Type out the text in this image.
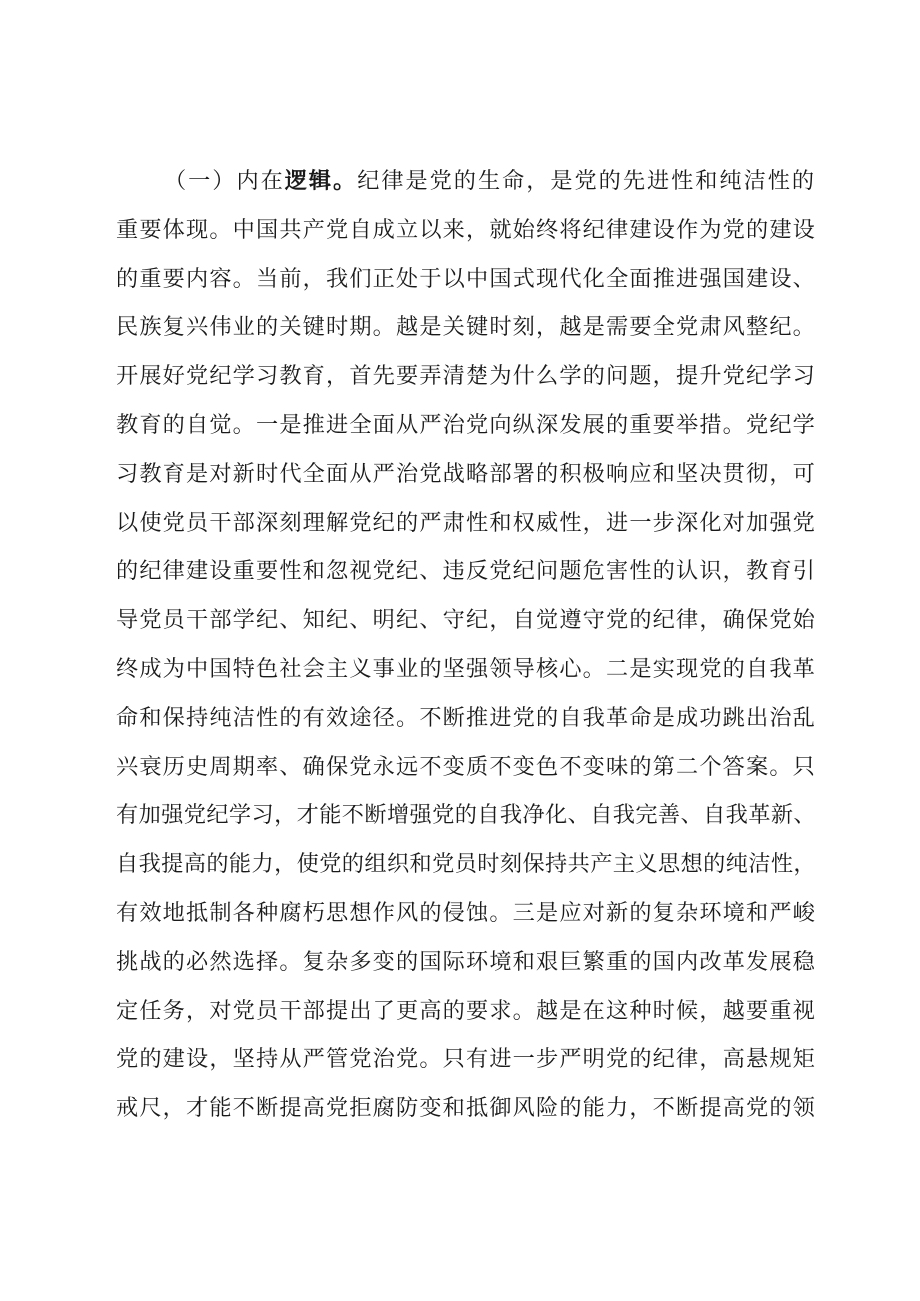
（一）内在逻辑。纪律是党的生命，是党的先进性和纯洁性的
重要体现。中国共产党自成立以来，就始终将纪律建设作为党的建设
的重要内容。当前，我们正处于以中国式现代化全面推进强国建设、
民族复兴伟业的关键时期。越是关键时刻，越是需要全党肃风整纪。
开展好党纪学习教育，首先要弄清楚为什么学的问题，提升党纪学习
教育的自觉。一是推进全面从严治党向纵深发展的重要举措。党纪学
习教育是对新时代全面从严治党战略部署的积极响应和坚决贯彻，可
以使党员干部深刻理解党纪的严肃性和权威性，进一步深化对加强党
的纪律建设重要性和忽视党纪、违反党纪问题危害性的认识，教育引
导党员干部学纪、知纪、明纪、守纪，自觉遵守党的纪律，确保党始
终成为中国特色社会主义事业的坚强领导核心。二是实现党的自我革
命和保持纯洁性的有效途径。不断推进党的自我革命是成功跳出治乱
兴衰历史周期率、确保党永远不变质不变色不变味的第二个答案。只
有加强党纪学习，才能不断增强党的自我净化、自我完善、自我革新、
自我提高的能力，使党的组织和党员时刻保持共产主义思想的纯洁性，
有效地抵制各种腐朽思想作风的侵蚀。三是应对新的复杂环境和严峻
挑战的必然选择。复杂多变的国际环境和艰巨繁重的国内改革发展稳
定任务，对党员干部提出了更高的要求。越是在这种时候，越要重视
党的建设，坚持从严管党治党。只有进一步严明党的纪律，高悬规矩
戒尺，才能不断提高党拒腐防变和抵御风险的能力，不断提高党的领
